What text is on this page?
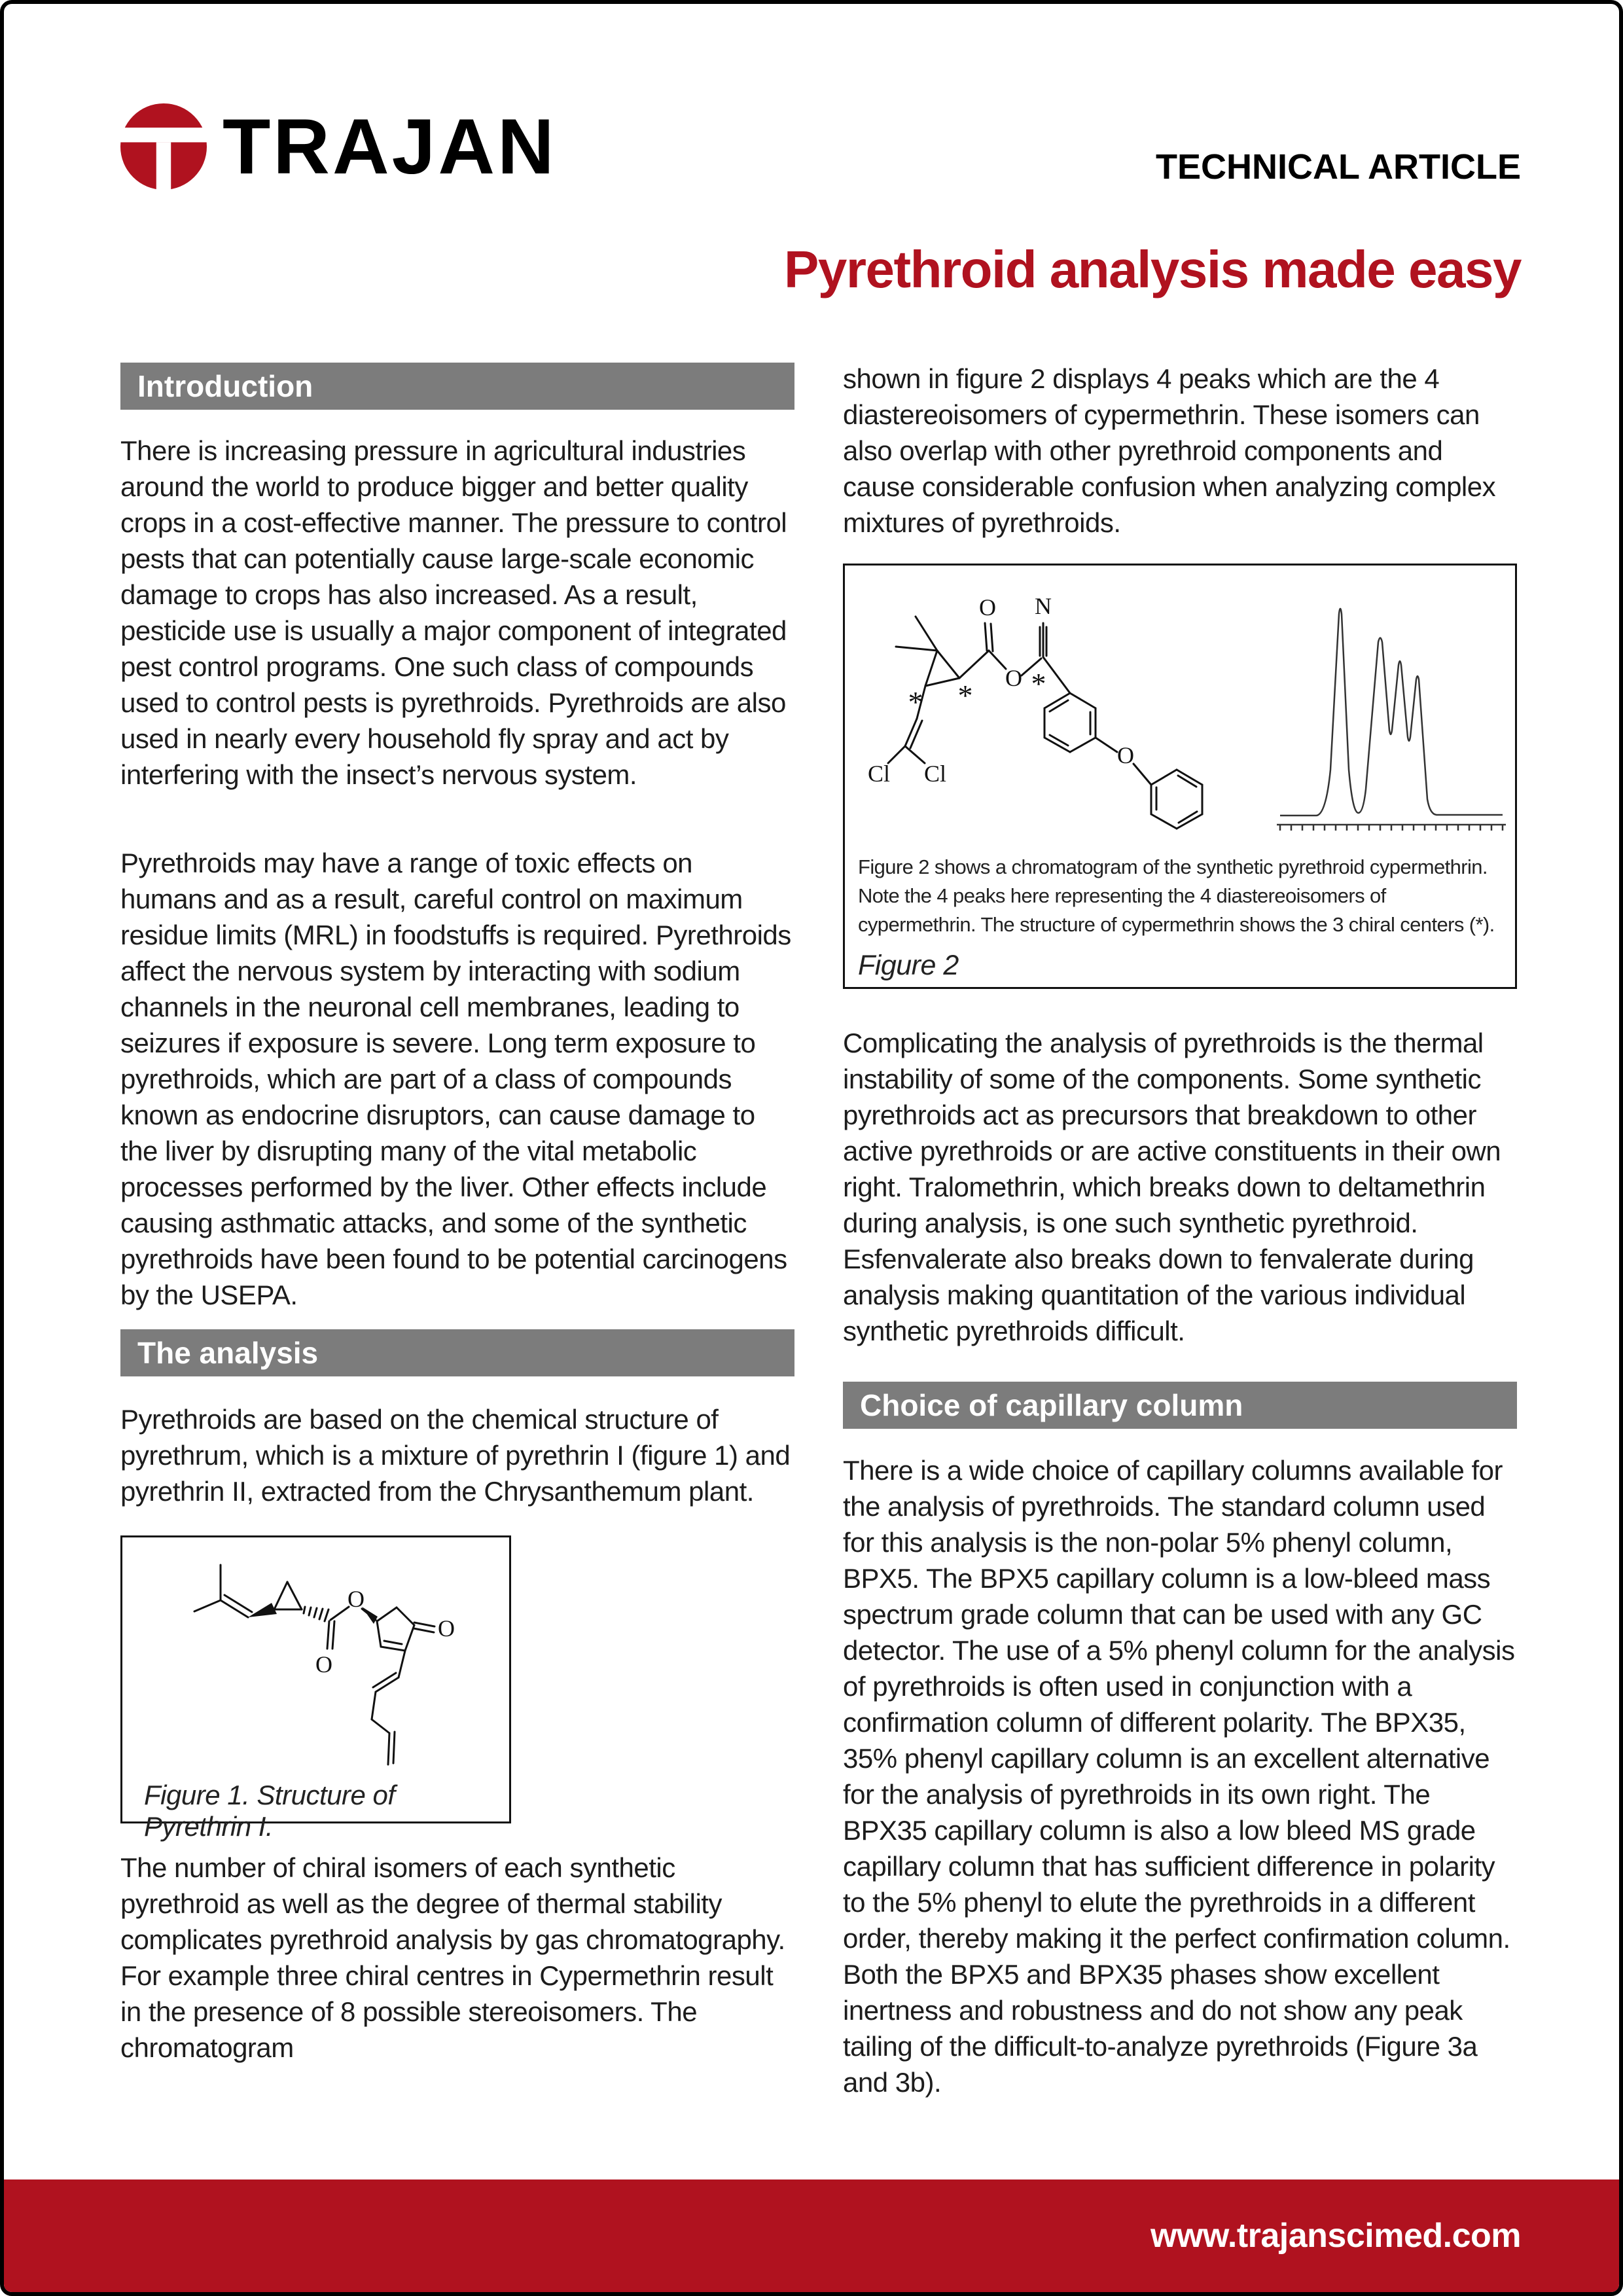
TRAJAN	TECHNICAL ARTICLE
Pyrethroid analysis made easy
Introduction

There is increasing pressure in agricultural industries around the world to produce bigger and better quality crops in a cost-effective manner. The pressure to control pests that can potentially cause large-scale economic damage to crops has also increased. As a result, pesticide use is usually a major component of integrated pest control programs. One such class of compounds used to control pests is pyrethroids. Pyrethroids are also used in nearly every household fly spray and act by interfering with the insect’s nervous system.

Pyrethroids may have a range of toxic effects on humans and as a result, careful control on maximum residue limits (MRL) in foodstuffs is required. Pyrethroids affect the nervous system by interacting with sodium channels in the neuronal cell membranes, leading to seizures if exposure is severe. Long term exposure to pyrethroids, which are part of a class of compounds known as endocrine disruptors, can cause damage to the liver by disrupting many of the vital metabolic processes performed by the liver. Other effects include causing asthmatic attacks, and some of the synthetic pyrethroids have been found to be potential carcinogens by the USEPA.

The analysis

Pyrethroids are based on the chemical structure of pyrethrum, which is a mixture of pyrethrin I (figure 1) and pyrethrin II, extracted from the Chrysanthemum plant.

O
O
O
Figure 1. Structure of Pyrethrin I.

The number of chiral isomers of each synthetic pyrethroid as well as the degree of thermal stability complicates pyrethroid analysis by gas chromatography. For example three chiral centres in Cypermethrin result in the presence of 8 possible stereoisomers. The chromatogram

shown in figure 2 displays 4 peaks which are the 4 diastereoisomers of cypermethrin. These isomers can also overlap with other pyrethroid components and cause considerable confusion when analyzing complex mixtures of pyrethroids.

O
O
N
Cl Cl
O
* * *
Figure 2 shows a chromatogram of the synthetic pyrethroid cypermethrin. Note the 4 peaks here representing the 4 diastereoisomers of cypermethrin. The structure of cypermethrin shows the 3 chiral centers (*).
Figure 2

Complicating the analysis of pyrethroids is the thermal instability of some of the components. Some synthetic pyrethroids act as precursors that breakdown to other active pyrethroids or are active constituents in their own right. Tralomethrin, which breaks down to deltamethrin during analysis, is one such synthetic pyrethroid. Esfenvalerate also breaks down to fenvalerate during analysis making quantitation of the various individual synthetic pyrethroids difficult.

Choice of capillary column

There is a wide choice of capillary columns available for the analysis of pyrethroids. The standard column used for this analysis is the non-polar 5% phenyl column, BPX5. The BPX5 capillary column is a low-bleed mass spectrum grade column that can be used with any GC detector. The use of a 5% phenyl column for the analysis of pyrethroids is often used in conjunction with a confirmation column of different polarity. The BPX35, 35% phenyl capillary column is an excellent alternative for the analysis of pyrethroids in its own right. The BPX35 capillary column is also a low bleed MS grade capillary column that has sufficient difference in polarity to the 5% phenyl to elute the pyrethroids in a different order, thereby making it the perfect confirmation column. Both the BPX5 and BPX35 phases show excellent inertness and robustness and do not show any peak tailing of the difficult-to-analyze pyrethroids (Figure 3a and 3b).

www.trajanscimed.com
